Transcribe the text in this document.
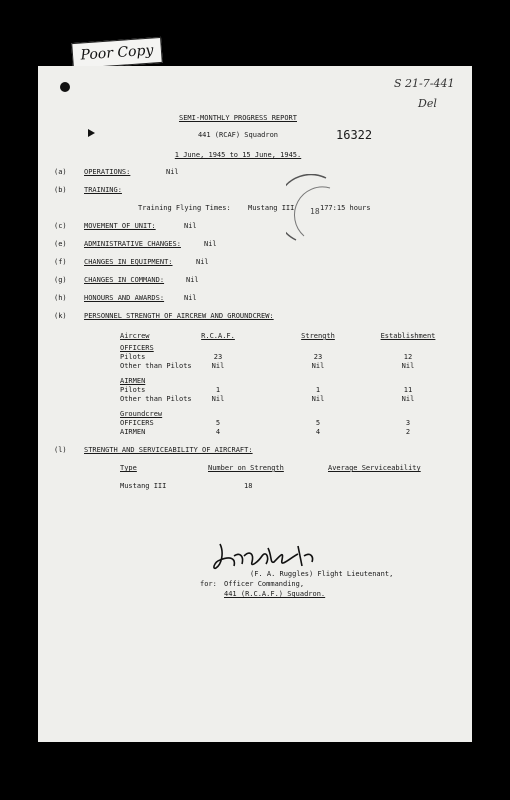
Poor Copy
S 21-7-441
Del
16322
SEMI-MONTHLY PROGRESS REPORT
441 (RCAF) Squadron
1 June, 1945 to 15 June, 1945.
18
(a) OPERATIONS:	Nil
(b) TRAINING:
(c) MOVEMENT OF UNIT:	Nil
(e) ADMINISTRATIVE CHANGES:	Nil
(f) CHANGES IN EQUIPMENT:	Nil
(g) CHANGES IN COMMAND:	Nil
(h) HONOURS AND AWARDS:	Nil
(k) PERSONNEL STRENGTH OF AIRCREW AND GROUNDCREW:
Training Flying Times: Mustang III	177:15 hours
Aircrew	R.C.A.F.	Strength	Establishment
OFFICERS
Pilots	23	23	12
Other than Pilots	Nil	Nil	Nil
AIRMEN
Pilots	1	1	11
Other than Pilots	Nil	Nil	Nil
Groundcrew
OFFICERS	5	5	3
AIRMEN	4	4	2
(l) STRENGTH AND SERVICEABILITY OF AIRCRAFT:
Type	Number on Strength	Average Serviceability
Mustang III	18
(F. A. Ruggles) Flight Lieutenant,
for: Officer Commanding,
441 (R.C.A.F.) Squadron.
